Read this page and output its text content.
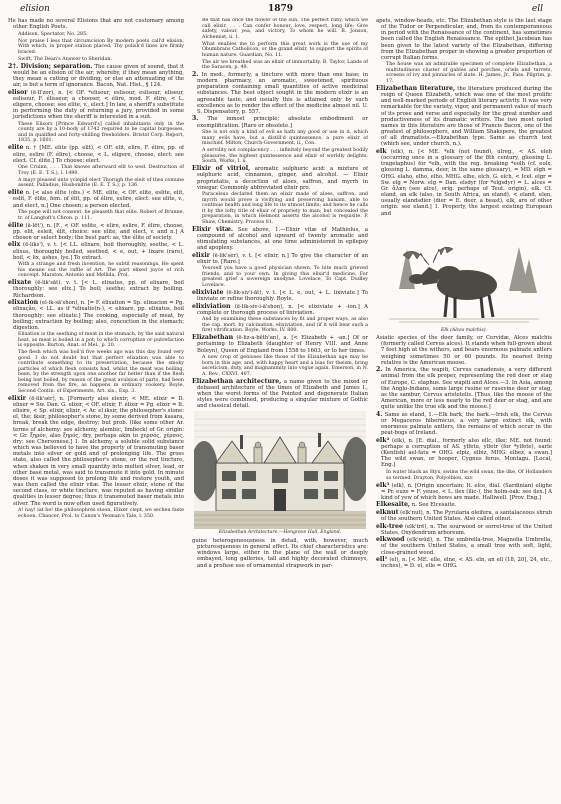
elision	1879	ell
He has made no several Elisions that are not customary among other English Poets.
Addison, Spectator, No. 285.
Nor praise I less that circumcision By modern poets call'd elision, With which, in proper station placed, Thy polish'd lines are firmly braced.
Swift, The Dean's Answer to Sheridan.
2†. Division; separation. The cause given of sound, that it would be an elision of the air, whereby, if they mean anything, they mean a cutting or dividing, or else an attenuating of the air, is but a term of ignorance. Bacon, Nat. Hist., § 124.
elisor (ē-lī'zor), n. [< OF. *elisour, eslisour, eslisour, eliseur, eslisour, F. élisseur, a chooser, < élire, mod. F. élire, < L. eligere, choose: see elite, v., elect.] In law, a sheriff's substitute in performing the duty of returning a jury, provided in some jurisdictions when the sheriff is interested in a suit.
These Elisors [Prince Edward's] called inhabitants only in the county are by a 10-body of 1742 required to be capital burgesses, and in qualified and forty-shilling freeholders. Bristol Corp. Report, 1835, p. 1601.
elite n. † [ME. elite (pp. elit), < OF. elit, elire, F. élire, pp. of elire, eslire (F. élire), choose, < L. eligere, choose, elect: see elect. Cf. élite.] To choose; elect.
One Cruinn, . . . That knowe afterward elit to wed. Destruction of Troy (E. E. T. S.), l. 1490.
A mayr pleased unto yclepid elect Thorugh the eleit of thes comune assent. Palladius, Husbondrie (E. E. T. S.), p. 136.
elite n. [< also élite (obs.) < ME. elite, < OF. elite, eslite, elit, eslit, F. élite, fem. of élit, pp. of élire, eslire, elect: see elite, v., and elect, n.] One chosen; a person elected.
The pope will not consent, he pleaseth that elite. Robert of Brunne, tr. of Langtoft's Chron. p. 111.
élite (ā-lēt'), n. [F., < OF. eslite, < elire, eslire, F. élire, choose, pp. elit, esleit, élit, choice: see elite, and elect, v. and n.] A chosen or select body; the best part: as, the élite of society.
elix (ē-liks'), v. t. [< LL. elixare, boil thoroughly, seethe, < L. elixus, thoroughly boiled, seethed, < e, out, + lixare (rare), boil, < lix, ashes, lye.] To extract.
With a strange and fresh invention, he subtil reasonings. He spent his meane out the raffle of Art. The part elixed juyce of rich conceipt. Marston, Antonio and Mellida, Prol.
elixate (ē-lik'sāt), v. t. [< L. elixatus, pp. of elixare, boil thoroughly: see elix.] To boil; seethe; extract by boiling. Richardson.
elixation (el-ik-sā'shon), n. [= F. élixation = Sp. elixacion = Pg. elixação, < LL. as if *elixatio(n-), < elixare, pp. elixatus, boil thoroughly: see elixate.] The cooking, especially of meat, by boiling; extraction by boiling; also, concoction in the stomach; digestion.
Elixation is the seething of meat in the stomach, by the said natural heat, as meat is boiled in a pot; to which corruption or putrefaction is opposite. Burton, Anat. of Mel., p. 20.
The flesh which was boil'd five weeks ago was this day found very good. I do not doubt but that perfect elixation was able to contribute something to its preservation, because the smoky particles of which flesh consists had, whilst the meat was boiling, been, by the strength upon one another far better than if the flesh being lost boiled, by reason of the great avulsion of parts, had been removed from the fire, as happens in ordinary cookery. Boyle, Second Contin. of Experiments, Art. xix., Exp. 3.
elixir (ē-lik'sėr), n. [Formerly also elexir; < ME. elixir = D. elixer = Sw. Dan. G. elixir, < OF. elixir, F. élixir = Pg. elixir = It. elisire, < Sp. elixir, elixir, < Ar. el iksir, the philosopher's stone: el, the; iksir, philosopher's stone, by some derived from kasara, break, break the edge, destroy; but prob. (like some other Ar. terms of alchemy: see alchemy, alembic, limbeck) of Gr. origin: < Gr. ξηρόν, also ξηρός, dry, perhaps akin to χερσός, χέρσος, dry: see Chersonese.] 1. In alchemy, a soluble solid substance which was believed to have the property of transmuting baser metals into silver or gold and of prolonging life. The gross state, also called the philosopher's stone, or the red tincture, when shaken in very small quantity into melted silver, lead, or other base metal, was said to transmute it into gold. In minute doses it was supposed to prolong life and restore youth, and was then called the elixir vitæ. The lesser elixir, stone of the second class, or white tincture, was reputed as having similar qualities in lesser degree; thus it transmuted baser metals into silver. The word is now often used figuratively.
A! nay! lat be! the philosophres stoon, Elixer clept, we sechen faste echoon. Chaucer, Prol. to Canon's Yeoman's Tale, l. 350.
Be that has once the flower of the sun, The perfect ruby, which we call elixir, . . . Can confer honour, love, respect, long life; Give safety, valour, yea, and victory, To whom he will. B. Jonson, Alchemist, ii. 1.
What enables me to perform this great work is the use of my Obumbrans Catholicon, or the grand elixir, to support the spirits of human nature. Guardian, No. 11.
The air we breathed was an elixir of immortality. B. Taylor, Lands of the Saracen, p. 49.
2. In med., formerly, a tincture with more than one base; in modern pharmacy, an aromatic, sweetened, spirituous preparation containing small quantities of active medicinal substances. The best object sought in the modern elixir is an agreeable taste, and usually this is attained only by such excellence as to render the effect of the medicine almost nil. U. S. Dispensatory, p. 557.
3. The inmost principle; absolute embodiment or exemplification. [Rare or obsolete.]
She is not only a kind of evil as hath any good or use in it, which many evils have, but a distill'd quintessence, a pure elixir of mischief. Milton, Church-Government, ii., Con.
A servility not complacency . . . infinitely beyond the greatest bodily pleasures, the highest quintessence and elixir of worldly delights. South, Works, I. ii.
Elixir of vitriol, aromatic sulphuric acid: a mixture of sulphuric acid, cinnamon, ginger, and alcohol. — Elixir proprietatis, a decoction of aloes, saffron, and myrrh in vinegar. Commonly abbreviated elixir pro.
Paracelsus declared them an elixir made of aloes, saffron, and myrrh would prove a vivifying and preserving balsam, able to continue health and long life to its utmost limits; and hence he calls it by the lofty title of elixir of propriety to man; but concealed the preparation, in which Helmont asserts the alcohol is requisite. P. Shaw, Chemistry, Process 81.
Elixir vitæ. See above, 1.—Elixir vitæ of Mathiolus, a compound of alcohol and upward of twenty aromatic and stimulating substances, at one time administered in epilepsy and apoplexy.
elixir (ē-lik'sėr), v. t. [< elixir, n.] To give the character of an elixir to. [Rare.]
Yourself you have a good physician shown, To bite much grieved friends, and to your own, In giving this elixir'd medicine, For greatest grief a sovereign anodyne. Lovelace, To Capt. Dudley Lovelace.
elixiviate (ē-lik-siv'i-āt), v. t. [< L. e, out, + L. lixiviate.] To lixiviate or refine thoroughly. Boyle.
elixiviation (ē-lik-siv-i-ā'shon), n. [< elixiviate + -ion.] A complete or thorough process of lixiviation.
And by examining these substances by fit and proper ways, as also the cap. mort. by calcination, elixiviation, and (if it will bear such a fire) vitrification. Boyle, Works, IV. 800.
Elizabethan (ē-liz-a-bēth'an), a. [< Elizabeth + -an.] Of or pertaining to Elizabeth (daughter of Henry VIII. and Anne Boleyn), Queen of England from 1558 to 1603, or to her times.
A new crop of geniuses like those of the Elizabethan age may be born in this age, and, with happy heart and a bias for theism, bring asceticism, duty, and magnanimity into vogue again. Emerson, in N. A. Rev., CXXVI. 407.
Elizabethan architecture, a name given to the mixed or debased architecture of the times of Elizabeth and James I., when the worst forms of the Pointed and degenerate Italian styles were combined, producing a singular mixture of Gothic and classical detail.
Elizabethan Architecture.—Hengrave Hall, England.
guine heterogeneousness in detail, with, however, much picturesqueness in general effect. Its chief characteristics are: windows large, either in the plane of the wall or deeply embayed, long galleries, tall and highly decorated chimneys, and a profuse use of ornamental strapwork in par-
apets, window-heads, etc. The Elizabethan style is the last stage of the Tudor or Perpendicular, and, from its contemporaneous in period with the Renaissance of the continent, has sometimes been called the English Renaissance. The epithet Jacobean has been given to the latest variety of the Elizabethan, differing from the Elizabethan proper in showing a greater proportion of corrupt Italian forms.
The house was an admirable specimen of complete Elizabethan, a multitudinous cluster of gables and porches, oriels and turrets, screens of ivy and pinnacles of slate. H. James, Jr., Pass. Pilgrim, p. 17.
Elizabethan literature, the literature produced during the reign of Queen Elizabeth, which was one of the most prolific and well-marked periods of English literary activity. It was very remarkable for the variety, vigor, and permanent value of much of its prose and verse and especially for the great number and productiveness of its dramatic writers. The two most noted names in this literature are those of Francis Bacon, one of the greatest of philosophers, and William Shakspere, the greatest of all dramatists.—Elizabethan type. Same as church text (which see, under church, n.).
elk (elk), n. [< ME. *elk (not found), ulreg., < AS. eleh (occurring once in a glossary of the 8th century, glossing L. tragelaphus) for *elh, with the reg. breaking *eolh (cf. eolx, glossing L. damma, deer, in the same glossary), = MD. elgh = OHG. elaho, elho, elho, MHG. elhe, elch, G. elch, < Icel. elgr = Sw. elg = Norw. elg = Dan. elsdyr (for *elgsdyr) = L. alces = Gr. ἄλκη (see alce), orig. perhaps of Teut. origin), elk. Cf. eland, an elk (also, in South Africa, an eland), < eland, elen, usually elandsdier (dier = E. deer, a beast), elk, are of other origin: see eland.] 1. Properly, the largest existing European and
Elk (Alces malchis).
Asiatic species of the deer family, or Cervidæ, Alces malchis (formerly called Cervus alces). It stands when full-grown about 7 feet high at the withers, and bears enormous palmate antlers weighing sometimes 50 or 60 pounds. Its nearest living relative is the American moose.
2. In America, the wapiti, Cervus canadensis, a very different animal from the elk proper, representing the red deer or stag of Europe, C. elaphus. See wapiti and Alces.—3. In Asia, among the Anglo-Indians, some large rusine or rusevine deer or stag, as the sambur, Cervus aristotelis. [Thus, like the moose of the American, more or less nearly to the red deer or stag, and are quite unlike the true elk and the moose.]
4. Same as eland, 1.—Elk bark, the bark.—Irish elk, the Cervus or Megaceros hibernicus, a very large extinct elk, with enormous palmate antlers, the remains of which occur in the peat-bogs of Ireland.
elk² (elk), n. [E. dial., formerly also ellc, ilke; ME. not found; perhaps a corruption of AS. ylfetu, ylfetr (for *ylfete), earle (Kentish) ael-fatu = OHG. elpiz, elbiz, MHG. elbez, a swan.] The wild swan, or hooper, Cygnus ferus. Montagu. [Local, Eng.]
In water black as Styx, swims the wild swan, the ilke, Of Hollanders so termed. Drayton, Polyolbion, xxv.
elk³ (elk), n. [Origin uncertain; It. elce, dial. (Sardinian) elighe = Pr. euze = F. yeuse, < L. ilex (ilic-), the holm-oak: see ilex.] A kind of yew of which bows are made. Halliwell. [Prov. Eng.]
Elkesaite, n. See Elcesaite.
elknut (elk'nut), n. The Pyrularia oleifera, a santalaceous shrub of the southern United States. Also called oilnut.
elk-tree (elk'trē), n. The sourwood or sorrel-tree of the United States, Oxydendrum arboreum.
elkwood (elk'wūd), n. The umbrella-tree, Magnolia Umbrella, of the southern United States, a small tree with soft, light, close-grained wood.
ell¹ (el), n. [< ME. elle, elne, < AS. eln, an ell (18, 20], 24, etc., inches), = D. el, elle = OHG.
